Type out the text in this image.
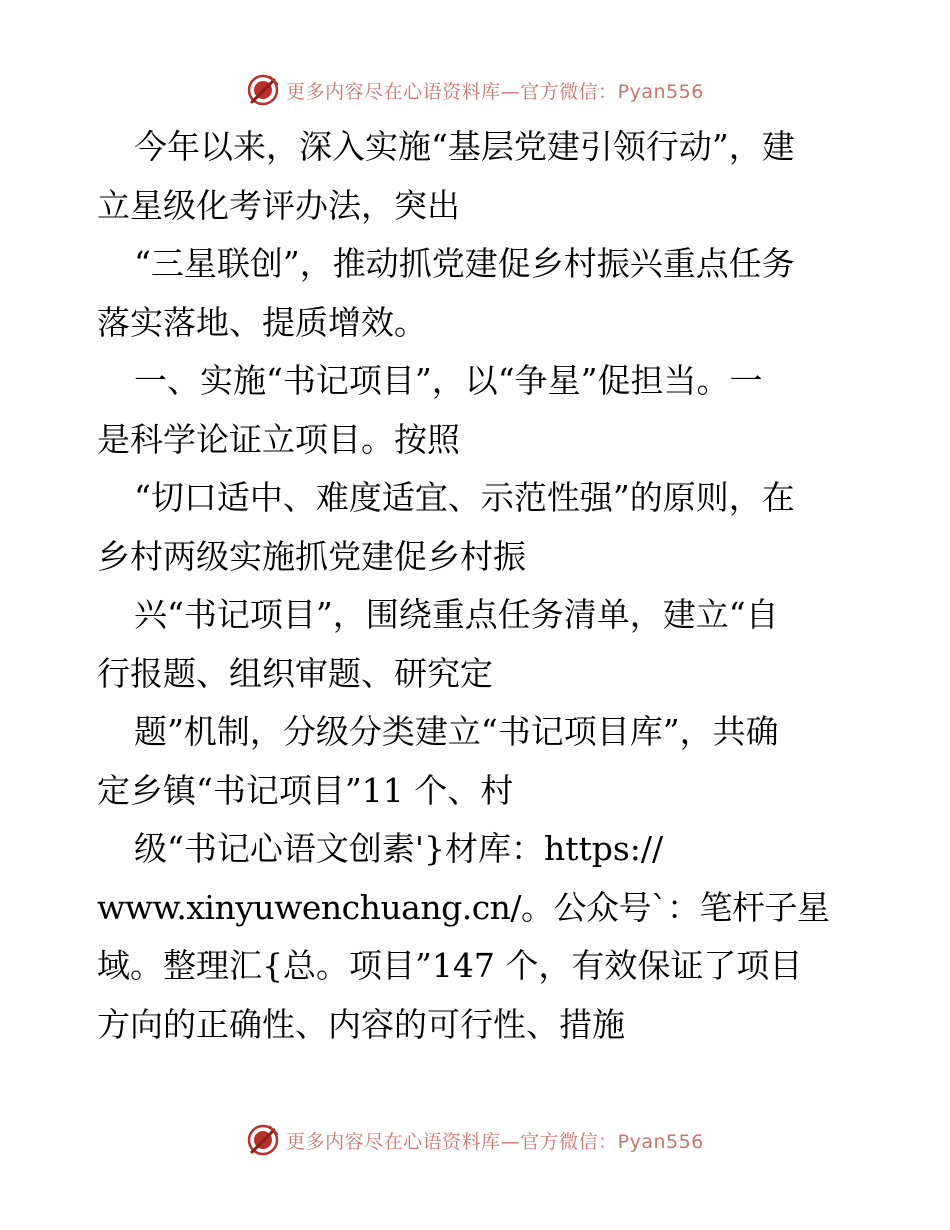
更多内容尽在心语资料库—官方微信：Pyan556
今年以来，深入实施“基层党建引领行动”，建
立星级化考评办法，突出
“三星联创”，推动抓党建促乡村振兴重点任务
落实落地、提质增效。
一、实施“书记项目”，以“争星”促担当。一
是科学论证立项目。按照
“切口适中、难度适宜、示范性强”的原则，在
乡村两级实施抓党建促乡村振
兴“书记项目”，围绕重点任务清单，建立“自
行报题、组织审题、研究定
题”机制，分级分类建立“书记项目库”，共确
定乡镇“书记项目”11 个、村
级“书记心语文创素'}材库：https://
www.xinyuwenchuang.cn/。公众号`：笔杆子星
域。整理汇{总。项目”147 个，有效保证了项目
方向的正确性、内容的可行性、措施
更多内容尽在心语资料库—官方微信：Pyan556
